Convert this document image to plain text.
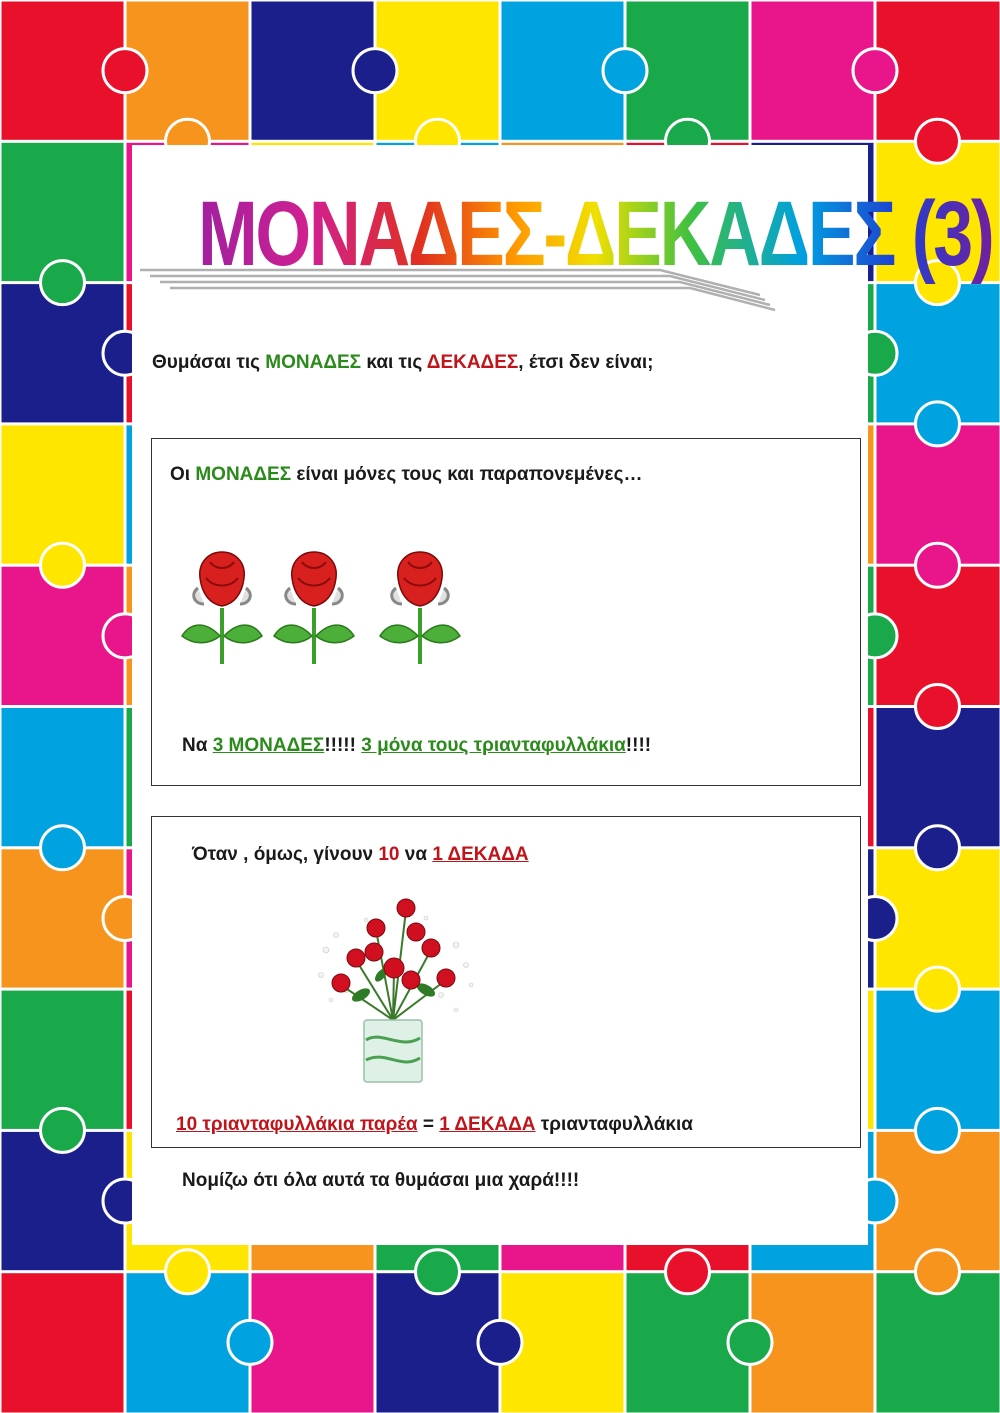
ΜΟΝΑΔΕΣ-ΔΕΚΑΔΕΣ (3)
Θυμάσαι τις ΜΟΝΑΔΕΣ και τις ΔΕΚΑΔΕΣ, έτσι δεν είναι;
Οι ΜΟΝΑΔΕΣ είναι μόνες τους και παραπονεμένες…
Να 3 ΜΟΝΑΔΕΣ!!!!! 3 μόνα τους τριανταφυλλάκια!!!!
Όταν , όμως, γίνουν 10 να 1 ΔΕΚΑΔΑ
10 τριανταφυλλάκια παρέα = 1 ΔΕΚΑΔΑ τριανταφυλλάκια
Νομίζω ότι όλα αυτά τα θυμάσαι μια χαρά!!!!
